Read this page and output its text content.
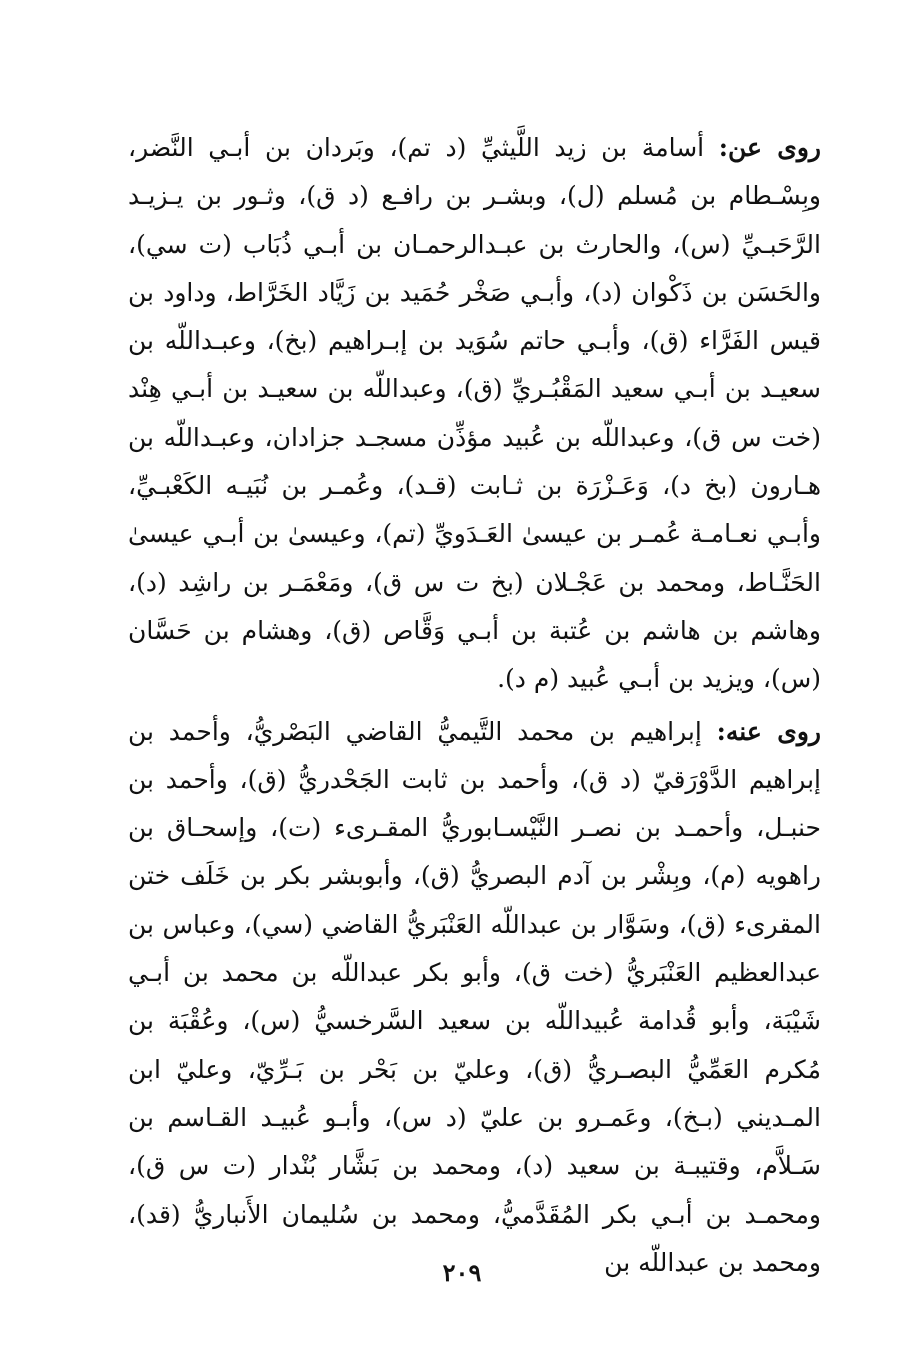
روى عن: أسامة بن زيد اللَّيثيِّ (د تم)، وبَردان بن أبـي النَّضر، وبِسْـطام بن مُسلم (ل)، وبشـر بن رافـع (د ق)، وثـور بن يـزيـد الرَّحَبـيِّ (س)، والحارث بن عبـدالرحمـان بن أبـي ذُبَاب (ت سي)، والحَسَن بن ذَكْوان (د)، وأبـي صَخْر حُمَيد بن زَيَّاد الخَرَّاط، وداود بن قيس الفَرَّاء (ق)، وأبـي حاتم سُوَيد بن إبـراهيم (بخ)، وعبـداللّه بن سعيـد بن أبـي سعيد المَقْبُـريِّ (ق)، وعبداللّه بن سعيـد بن أبـي هِنْد (خت س ق)، وعبداللّه بن عُبيد مؤذِّن مسجـد جزادان، وعبـداللّه بن هـارون (بخ د)، وَعَـزْرَة بن ثـابت (قـد)، وعُمـر بن نُبَيـه الكَعْبـيِّ، وأبـي نعـامـة عُمـر بن عيسىٰ العَـدَويِّ (تم)، وعيسىٰ بن أبـي عيسىٰ الحَنَّـاط، ومحمد بن عَجْـلان (بخ ت س ق)، ومَعْمَـر بن راشِد (د)، وهاشم بن هاشم بن عُتبة بن أبـي وَقَّاص (ق)، وهشام بن حَسَّان (س)، ويزيد بن أبـي عُبيد (م د).

روى عنه: إبراهيم بن محمد التَّيميُّ القاضي البَصْريُّ، وأحمد بن إبراهيم الدَّوْرَقيّ (د ق)، وأحمد بن ثابت الجَحْدريُّ (ق)، وأحمد بن حنبـل، وأحمـد بن نصـر النَّيْسـابوريُّ المقـرىء (ت)، وإسحـاق بن راهويه (م)، وبِشْر بن آدم البصريُّ (ق)، وأبوبشر بكر بن خَلَف ختن المقرىء (ق)، وسَوَّار بن عبداللّه العَنْبَريُّ القاضي (سي)، وعباس بن عبدالعظيم العَنْبَريُّ (خت ق)، وأبو بكر عبداللّه بن محمد بن أبـي شَيْبَة، وأبو قُدامة عُبيداللّه بن سعيد السَّرخسيُّ (س)، وعُقْبَة بن مُكرم العَمِّيُّ البصـريُّ (ق)، وعليّ بن بَحْر بن بَـرِّيّ، وعليّ ابن المـديني (بـخ)، وعَمـرو بن عليّ (د س)، وأبـو عُبيـد القـاسم بن سَـلاَّم، وقتيبـة بن سعيد (د)، ومحمد بن بَشَّار بُنْدار (ت س ق)، ومحمـد بن أبـي بكر المُقَدَّميُّ، ومحمد بن سُليمان الأَنباريُّ (قد)، ومحمد بن عبداللّه بن

٢٠٩
